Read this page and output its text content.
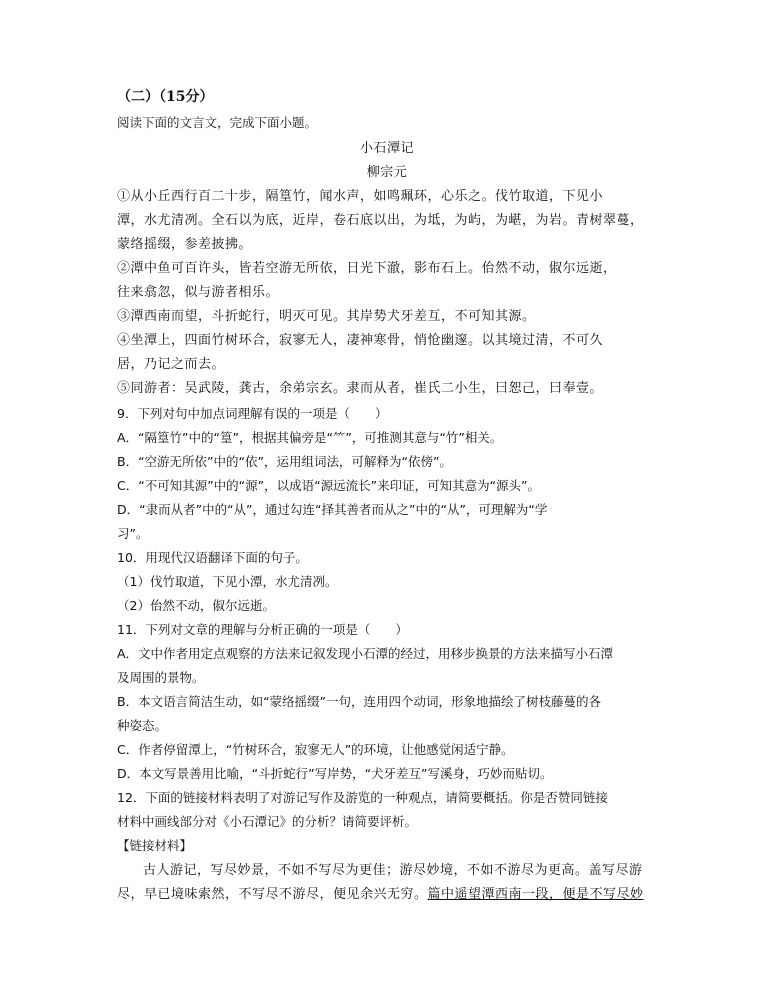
（二）（15分）
阅读下面的文言文，完成下面小题。
小石潭记
柳宗元
①从小丘西行百二十步，隔篁竹，闻水声，如鸣珮环，心乐之。伐竹取道，下见小
潭，水尤清冽。全石以为底，近岸，卷石底以出，为坻，为屿，为嵁，为岩。青树翠蔓，
蒙络摇缀，参差披拂。
②潭中鱼可百许头，皆若空游无所依，日光下澈，影布石上。佁然不动，俶尔远逝，
往来翕忽，似与游者相乐。
③潭西南而望，斗折蛇行，明灭可见。其岸势犬牙差互，不可知其源。
④坐潭上，四面竹树环合，寂寥无人，凄神寒骨，悄怆幽邃。以其境过清，不可久
居，乃记之而去。
⑤同游者：吴武陵，龚古，余弟宗玄。隶而从者，崔氏二小生，曰恕己，曰奉壹。
9．下列对句中加点词理解有误的一项是（　　）
A．“隔篁竹”中的“篁”，根据其偏旁是“⺮”，可推测其意与“竹”相关。
B．“空游无所依”中的“依”，运用组词法，可解释为“依傍”。
C．“不可知其源”中的“源”，以成语“源远流长”来印证，可知其意为“源头”。
D．“隶而从者”中的“从”，通过勾连“择其善者而从之”中的“从”，可理解为“学
习”。
10．用现代汉语翻译下面的句子。
（1）伐竹取道，下见小潭，水尤清冽。
（2）佁然不动，俶尔远逝。
11．下列对文章的理解与分析正确的一项是（　　）
A．文中作者用定点观察的方法来记叙发现小石潭的经过，用移步换景的方法来描写小石潭
及周围的景物。
B．本文语言简洁生动，如“蒙络摇缀”一句，连用四个动词，形象地描绘了树枝藤蔓的各
种姿态。
C．作者停留潭上，“竹树环合，寂寥无人”的环境，让他感觉闲适宁静。
D．本文写景善用比喻，“斗折蛇行”写岸势，“犬牙差互”写溪身，巧妙而贴切。
12．下面的链接材料表明了对游记写作及游览的一种观点，请简要概括。你是否赞同链接
材料中画线部分对《小石潭记》的分析？请简要评析。
【链接材料】
古人游记，写尽妙景，不如不写尽为更佳；游尽妙境，不如不游尽为更高。盖写尽游
尽，早已境味索然，不写尽不游尽，便见余兴无穷。篇中遥望潭西南一段，便是不写尽妙
